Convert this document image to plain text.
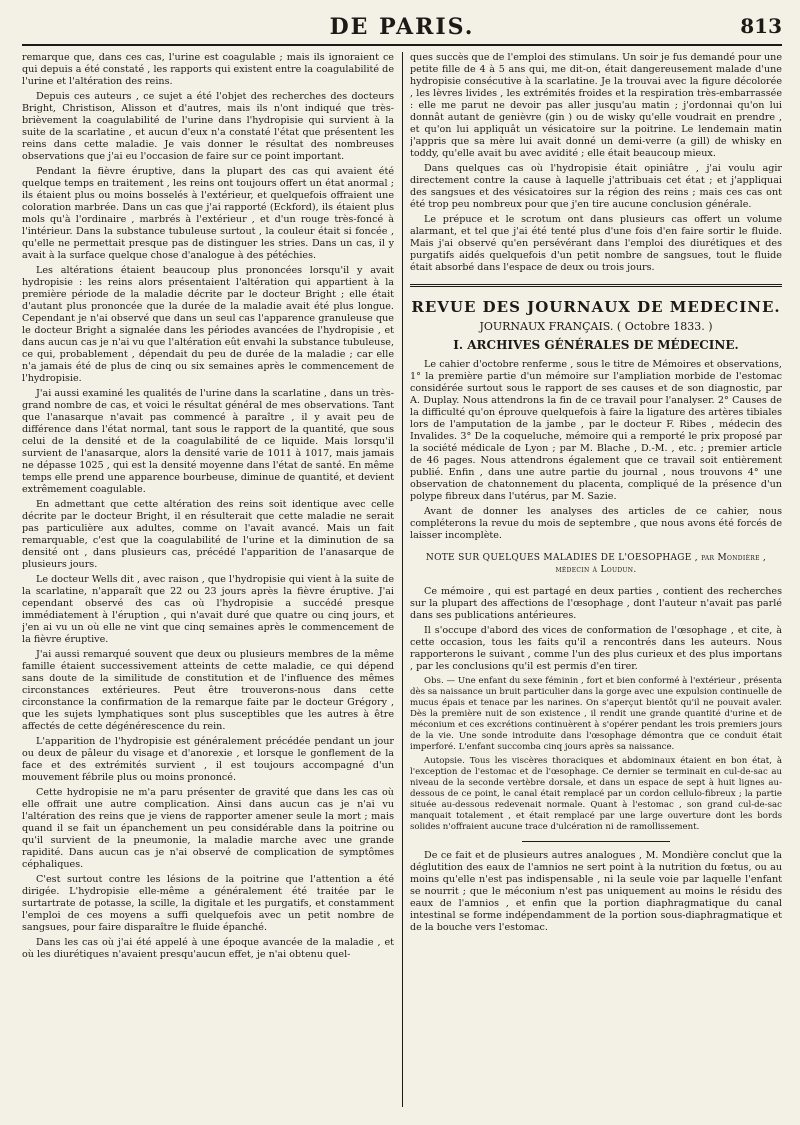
DE PARIS.	813

remarque que, dans ces cas, l'urine est coagulable ; mais ils ignoraient ce qui depuis a été constaté , les rapports qui existent entre la coagulabilité de l'urine et l'altération des reins.

Depuis ces auteurs , ce sujet a été l'objet des recherches des docteurs Bright, Christison, Alisson et d'autres, mais ils n'ont indiqué que très-brièvement la coagulabilité de l'urine dans l'hydropisie qui survient à la suite de la scarlatine , et aucun d'eux n'a constaté l'état que présentent les reins dans cette maladie. Je vais donner le résultat des nombreuses observations que j'ai eu l'occasion de faire sur ce point important.

Pendant la fièvre éruptive, dans la plupart des cas qui avaient été quelque temps en traitement , les reins ont toujours offert un état anormal ; ils étaient plus ou moins bosselés à l'extérieur, et quelquefois offraient une coloration marbrée. Dans un cas que j'ai rapporté (Eckford), ils étaient plus mols qu'à l'ordinaire , marbrés à l'extérieur , et d'un rouge très-foncé à l'intérieur. Dans la substance tubuleuse surtout , la couleur était si foncée , qu'elle ne permettait presque pas de distinguer les stries. Dans un cas, il y avait à la surface quelque chose d'analogue à des pétéchies.

Les altérations étaient beaucoup plus prononcées lorsqu'il y avait hydropisie : les reins alors présentaient l'altération qui appartient à la première période de la maladie décrite par le docteur Bright ; elle était d'autant plus prononcée que la durée de la maladie avait été plus longue. Cependant je n'ai observé que dans un seul cas l'apparence granuleuse que le docteur Bright a signalée dans les périodes avancées de l'hydropisie , et dans aucun cas je n'ai vu que l'altération eût envahi la substance tubuleuse, ce qui, probablement , dépendait du peu de durée de la maladie ; car elle n'a jamais été de plus de cinq ou six semaines après le commencement de l'hydropisie.

J'ai aussi examiné les qualités de l'urine dans la scarlatine , dans un très-grand nombre de cas, et voici le résultat général de mes observations. Tant que l'anasarque n'avait pas commencé à paraître , il y avait peu de différence dans l'état normal, tant sous le rapport de la quantité, que sous celui de la densité et de la coagulabilité de ce liquide. Mais lorsqu'il survient de l'anasarque, alors la densité varie de 1011 à 1017, mais jamais ne dépasse 1025 , qui est la densité moyenne dans l'état de santé. En même temps elle prend une apparence bourbeuse, diminue de quantité, et devient extrêmement coagulable.

En admettant que cette altération des reins soit identique avec celle décrite par le docteur Bright, il en résulterait que cette maladie ne serait pas particulière aux adultes, comme on l'avait avancé. Mais un fait remarquable, c'est que la coagulabilité de l'urine et la diminution de sa densité ont , dans plusieurs cas, précédé l'apparition de l'anasarque de plusieurs jours.

Le docteur Wells dit , avec raison , que l'hydropisie qui vient à la suite de la scarlatine, n'apparaît que 22 ou 23 jours après la fièvre éruptive. J'ai cependant observé des cas où l'hydropisie a succédé presque immédiatement à l'éruption , qui n'avait duré que quatre ou cinq jours, et j'en ai vu un où elle ne vint que cinq semaines après le commencement de la fièvre éruptive.

J'ai aussi remarqué souvent que deux ou plusieurs membres de la même famille étaient successivement atteints de cette maladie, ce qui dépend sans doute de la similitude de constitution et de l'influence des mêmes circonstances extérieures. Peut être trouverons-nous dans cette circonstance la confirmation de la remarque faite par le docteur Grégory , que les sujets lymphatiques sont plus susceptibles que les autres à être affectés de cette dégénérescence du rein.

L'apparition de l'hydropisie est généralement précédée pendant un jour ou deux de pâleur du visage et d'anorexie , et lorsque le gonflement de la face et des extrémités survient , il est toujours accompagné d'un mouvement fébrile plus ou moins prononcé.

Cette hydropisie ne m'a paru présenter de gravité que dans les cas où elle offrait une autre complication. Ainsi dans aucun cas je n'ai vu l'altération des reins que je viens de rapporter amener seule la mort ; mais quand il se fait un épanchement un peu considérable dans la poitrine ou qu'il survient de la pneumonie, la maladie marche avec une grande rapidité. Dans aucun cas je n'ai observé de complication de symptômes céphaliques.

C'est surtout contre les lésions de la poitrine que l'attention a été dirigée. L'hydropisie elle-même a généralement été traitée par le surtartrate de potasse, la scille, la digitale et les purgatifs, et constamment l'emploi de ces moyens a suffi quelquefois avec un petit nombre de sangsues, pour faire disparaître le fluide épanché.

Dans les cas où j'ai été appelé à une époque avancée de la maladie , et où les diurétiques n'avaient presqu'aucun effet, je n'ai obtenu quel-

ques succès que de l'emploi des stimulans. Un soir je fus demandé pour une petite fille de 4 à 5 ans qui, me dit-on, était dangereusement malade d'une hydropisie consécutive à la scarlatine. Je la trouvai avec la figure décolorée , les lèvres livides , les extrémités froides et la respiration très-embarrassée : elle me parut ne devoir pas aller jusqu'au matin ; j'ordonnai qu'on lui donnât autant de genièvre (gin ) ou de wisky qu'elle voudrait en prendre , et qu'on lui appliquât un vésicatoire sur la poitrine. Le lendemain matin j'appris que sa mère lui avait donné un demi-verre (a gill) de whisky en toddy, qu'elle avait bu avec avidité ; elle était beaucoup mieux.

Dans quelques cas où l'hydropisie était opiniâtre , j'ai voulu agir directement contre la cause à laquelle j'attribuais cet état ; et j'appliquai des sangsues et des vésicatoires sur la région des reins ; mais ces cas ont été trop peu nombreux pour que j'en tire aucune conclusion générale.

Le prépuce et le scrotum ont dans plusieurs cas offert un volume alarmant, et tel que j'ai été tenté plus d'une fois d'en faire sortir le fluide. Mais j'ai observé qu'en persévérant dans l'emploi des diurétiques et des purgatifs aidés quelquefois d'un petit nombre de sangsues, tout le fluide était absorbé dans l'espace de deux ou trois jours.

REVUE DES JOURNAUX DE MEDECINE.
JOURNAUX FRANÇAIS. ( Octobre 1833. )
I. ARCHIVES GÉNÉRALES DE MÉDECINE.

Le cahier d'octobre renferme , sous le titre de Mémoires et observations, 1° la première partie d'un mémoire sur l'ampliation morbide de l'estomac considérée surtout sous le rapport de ses causes et de son diagnostic, par A. Duplay. Nous attendrons la fin de ce travail pour l'analyser. 2° Causes de la difficulté qu'on éprouve quelquefois à faire la ligature des artères tibiales lors de l'amputation de la jambe , par le docteur F. Ribes , médecin des Invalides. 3° De la coqueluche, mémoire qui a remporté le prix proposé par la société médicale de Lyon ; par M. Blache , D.-M. , etc. ; premier article de 46 pages. Nous attendrons également que ce travail soit entièrement publié. Enfin , dans une autre partie du journal , nous trouvons 4° une observation de chatonnement du placenta, compliqué de la présence d'un polype fibreux dans l'utérus, par M. Sazie.

Avant de donner les analyses des articles de ce cahier, nous compléterons la revue du mois de septembre , que nous avons été forcés de laisser incomplète.

NOTE SUR QUELQUES MALADIES DE L'OESOPHAGE , par Mondière , médecin à Loudun.

Ce mémoire , qui est partagé en deux parties , contient des recherches sur la plupart des affections de l'œsophage , dont l'auteur n'avait pas parlé dans ses publications antérieures.

Il s'occupe d'abord des vices de conformation de l'œsophage , et cite, à cette occasion, tous les faits qu'il a rencontrés dans les auteurs. Nous rapporterons le suivant , comme l'un des plus curieux et des plus importans , par les conclusions qu'il est permis d'en tirer.

Obs. — Une enfant du sexe féminin , fort et bien conformé à l'extérieur , présenta dès sa naissance un bruit particulier dans la gorge avec une expulsion continuelle de mucus épais et tenace par les narines. On s'aperçut bientôt qu'il ne pouvait avaler. Dès la première nuit de son existence , il rendit une grande quantité d'urine et de méconium et ces excrétions continuèrent à s'opérer pendant les trois premiers jours de la vie. Une sonde introduite dans l'œsophage démontra que ce conduit était imperforé. L'enfant succomba cinq jours après sa naissance.

Autopsie. Tous les viscères thoraciques et abdominaux étaient en bon état, à l'exception de l'estomac et de l'œsophage. Ce dernier se terminait en cul-de-sac au niveau de la seconde vertèbre dorsale, et dans un espace de sept à huit lignes au-dessous de ce point, le canal était remplacé par un cordon cellulo-fibreux ; la partie située au-dessous redevenait normale. Quant à l'estomac , son grand cul-de-sac manquait totalement , et était remplacé par une large ouverture dont les bords solides n'offraient aucune trace d'ulcération ni de ramollissement.

De ce fait et de plusieurs autres analogues , M. Mondière conclut que la déglutition des eaux de l'amnios ne sert point à la nutrition du fœtus, ou au moins qu'elle n'est pas indispensable , ni la seule voie par laquelle l'enfant se nourrit ; que le méconium n'est pas uniquement au moins le résidu des eaux de l'amnios , et enfin que la portion diaphragmatique du canal intestinal se forme indépendamment de la portion sous-diaphragmatique et de la bouche vers l'estomac.
